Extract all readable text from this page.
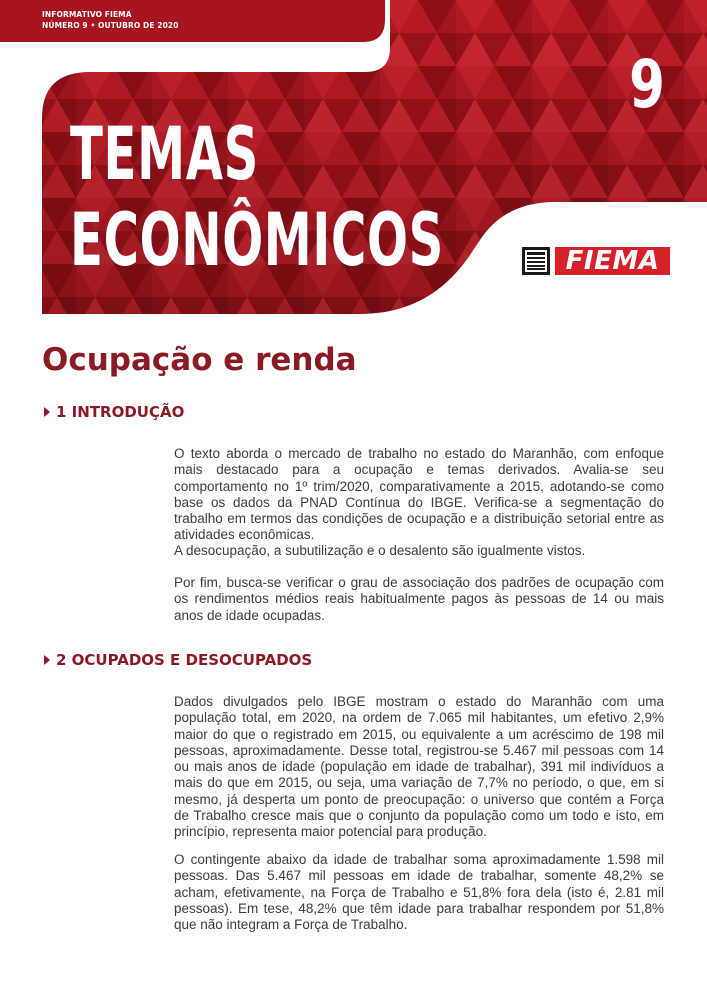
INFORMATIVO FIEMA
NÚMERO 9 • OUTUBRO DE 2020
9
TEMAS
ECONÔMICOS	FIEMA
Ocupação e renda
1 INTRODUÇÃO

O texto aborda o mercado de trabalho no estado do Maranhão, com enfoque mais destacado para a ocupação e temas derivados. Avalia-se seu comportamento no 1º trim/2020, comparativamente a 2015, adotando-se como base os dados da PNAD Contínua do IBGE. Verifica-se a segmentação do trabalho em termos das condições de ocupação e a distribuição setorial entre as atividades econômicas.

A desocupação, a subutilização e o desalento são igualmente vistos.

Por fim, busca-se verificar o grau de associação dos padrões de ocupação com os rendimentos médios reais habitualmente pagos às pessoas de 14 ou mais anos de idade ocupadas.

2 OCUPADOS E DESOCUPADOS

Dados divulgados pelo IBGE mostram o estado do Maranhão com uma população total, em 2020, na ordem de 7.065 mil habitantes, um efetivo 2,9% maior do que o registrado em 2015, ou equivalente a um acréscimo de 198 mil pessoas, aproximadamente. Desse total, registrou-se 5.467 mil pessoas com 14 ou mais anos de idade (população em idade de trabalhar), 391 mil indivíduos a mais do que em 2015, ou seja, uma variação de 7,7% no período, o que, em si mesmo, já desperta um ponto de preocupação: o universo que contém a Força de Trabalho cresce mais que o conjunto da população como um todo e isto, em princípio, representa maior potencial para produção.

O contingente abaixo da idade de trabalhar soma aproximadamente 1.598 mil pessoas. Das 5.467 mil pessoas em idade de trabalhar, somente 48,2% se acham, efetivamente, na Força de Trabalho e 51,8% fora dela (isto é, 2.81 mil pessoas). Em tese, 48,2% que têm idade para trabalhar respondem por 51,8% que não integram a Força de Trabalho.
